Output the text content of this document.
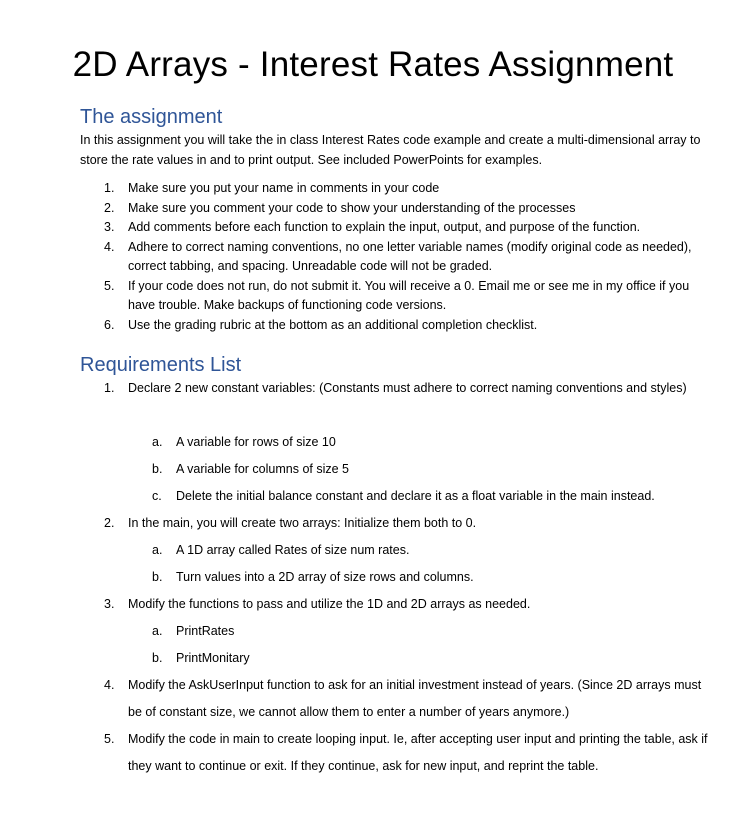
2D Arrays - Interest Rates Assignment
The assignment
In this assignment you will take the in class Interest Rates code example and create a multi-dimensional array to store the rate values in and to print output. See included PowerPoints for examples.
1. Make sure you put your name in comments in your code
2. Make sure you comment your code to show your understanding of the processes
3. Add comments before each function to explain the input, output, and purpose of the function.
4. Adhere to correct naming conventions, no one letter variable names (modify original code as needed), correct tabbing, and spacing. Unreadable code will not be graded.
5. If your code does not run, do not submit it. You will receive a 0. Email me or see me in my office if you have trouble. Make backups of functioning code versions.
6. Use the grading rubric at the bottom as an additional completion checklist.
Requirements List
1. Declare 2 new constant variables: (Constants must adhere to correct naming conventions and styles)
a. A variable for rows of size 10
b. A variable for columns of size 5
c. Delete the initial balance constant and declare it as a float variable in the main instead.
2. In the main, you will create two arrays: Initialize them both to 0.
a. A 1D array called Rates of size num rates.
b. Turn values into a 2D array of size rows and columns.
3. Modify the functions to pass and utilize the 1D and 2D arrays as needed.
a. PrintRates
b. PrintMonitary
4. Modify the AskUserInput function to ask for an initial investment instead of years. (Since 2D arrays must be of constant size, we cannot allow them to enter a number of years anymore.)
5. Modify the code in main to create looping input. Ie, after accepting user input and printing the table, ask if they want to continue or exit. If they continue, ask for new input, and reprint the table.
